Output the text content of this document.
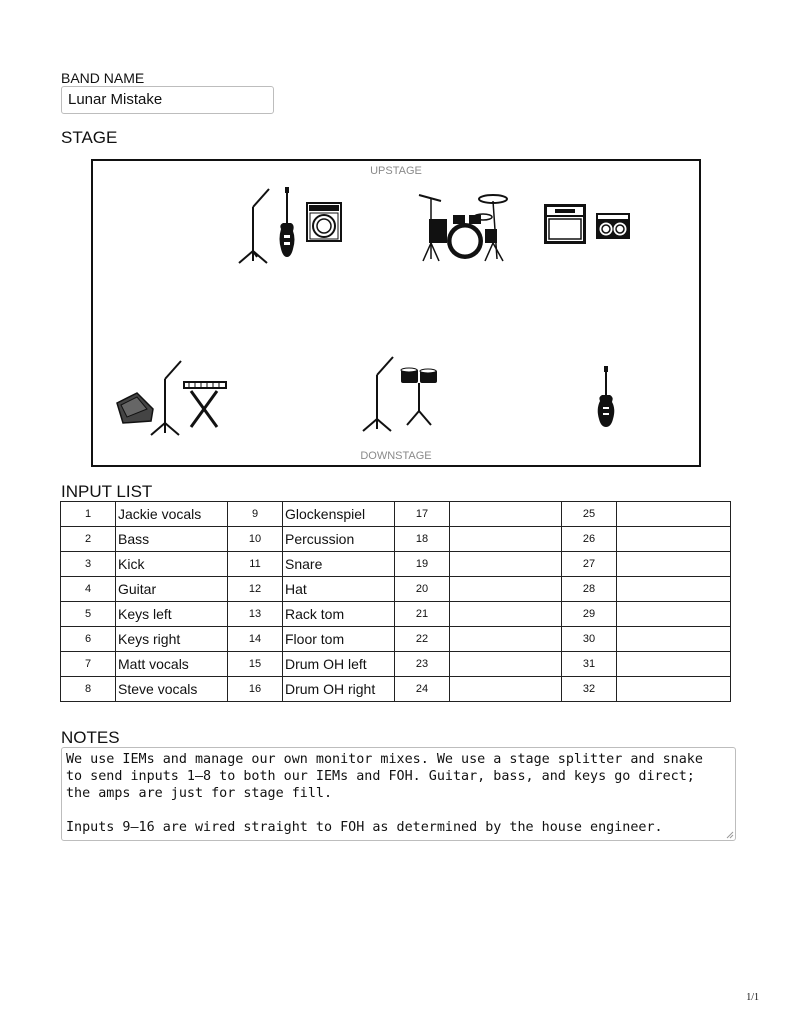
BAND NAME
Lunar Mistake
STAGE
UPSTAGE
DOWNSTAGE
INPUT LIST
1	Jackie vocals	9	Glockenspiel	17		25	
2	Bass	10	Percussion	18		26	
3	Kick	11	Snare	19		27	
4	Guitar	12	Hat	20		28	
5	Keys left	13	Rack tom	21		29	
6	Keys right	14	Floor tom	22		30	
7	Matt vocals	15	Drum OH left	23		31	
8	Steve vocals	16	Drum OH right	24		32	
NOTES
We use IEMs and manage our own monitor mixes. We use a stage splitter and snake
to send inputs 1–8 to both our IEMs and FOH. Guitar, bass, and keys go direct;
the amps are just for stage fill.

Inputs 9–16 are wired straight to FOH as determined by the house engineer.
1/1
